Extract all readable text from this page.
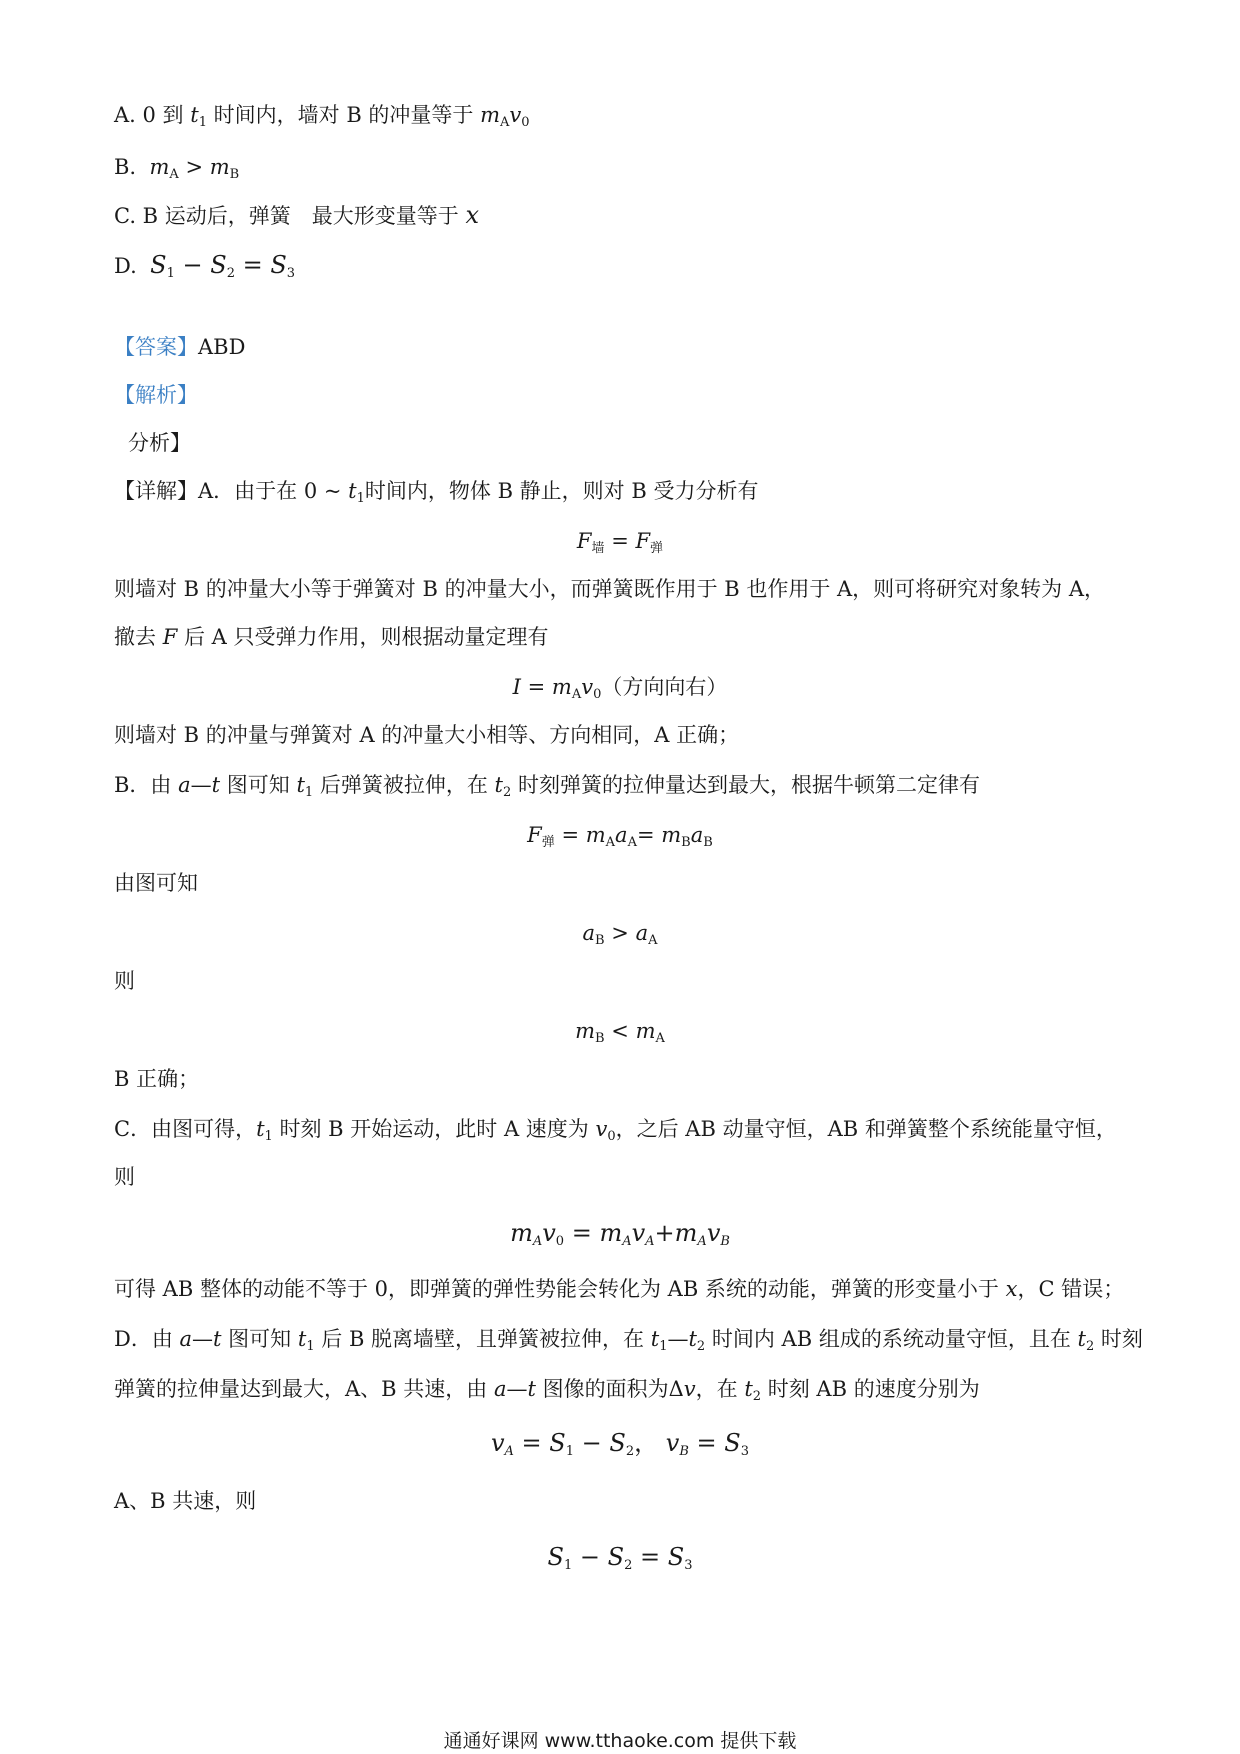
A. 0 到 $t_1$ 时间内，墙对 B 的冲量等于 $m_Av_0$
B. $m_A > m_B$
C. B 运动后，弹簧　最大形变量等于 x
D. $S_1 - S_2 = S_3$
【答案】ABD
【解析】
分析】
【详解】A．由于在 0 ~ $t_1$时间内，物体 B 静止，则对 B 受力分析有
$F_墙 = F_弹$
则墙对 B 的冲量大小等于弹簧对 B 的冲量大小，而弹簧既作用于 B 也作用于 A，则可将研究对象转为 A，
撤去 F 后 A 只受弹力作用，则根据动量定理有
$I = m_Av_0$（方向向右）
则墙对 B 的冲量与弹簧对 A 的冲量大小相等、方向相同，A 正确；
B．由 a—t 图可知 $t_1$ 后弹簧被拉伸，在 $t_2$ 时刻弹簧的拉伸量达到最大，根据牛顿第二定律有
$F_弹 = m_Aa_A= m_Ba_B$
由图可知
$a_B > a_A$
则
$m_B < m_A$
B 正确；
C．由图可得，$t_1$ 时刻 B 开始运动，此时 A 速度为 $v_0$，之后 AB 动量守恒，AB 和弹簧整个系统能量守恒，
则
$m_Av_0 = m_Av_A+m_Av_B$
可得 AB 整体的动能不等于 0，即弹簧的弹性势能会转化为 AB 系统的动能，弹簧的形变量小于 x，C 错误；
D．由 a—t 图可知 $t_1$ 后 B 脱离墙壁，且弹簧被拉伸，在 $t_1—t_2$ 时间内 AB 组成的系统动量守恒，且在 $t_2$ 时刻
弹簧的拉伸量达到最大，A、B 共速，由 a—t 图像的面积为Δv，在 $t_2$ 时刻 AB 的速度分别为
$v_A = S_1 - S_2$， $v_B = S_3$
A、B 共速，则
$S_1 - S_2 = S_3$
通通好课网 www.tthaoke.com 提供下载
